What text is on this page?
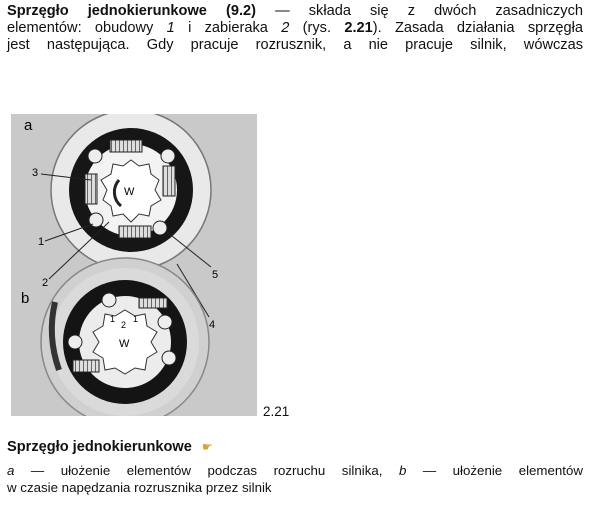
Sprzęgło jednokierunkowe (9.2) — składa się z dwóch zasadniczych
elementów: obudowy 1 i zabieraka 2 (rys. 2.21). Zasada działania sprzęgła
jest następująca. Gdy pracuje rozrusznik, a nie pracuje silnik, wówczas
W
a
3
1
2
5
4
W
1
2
1
b
2.21
Sprzęgło jednokierunkowe ☛
a — ułożenie elementów podczas rozruchu silnika, b — ułożenie elementów
w czasie napędzania rozrusznika przez silnik
